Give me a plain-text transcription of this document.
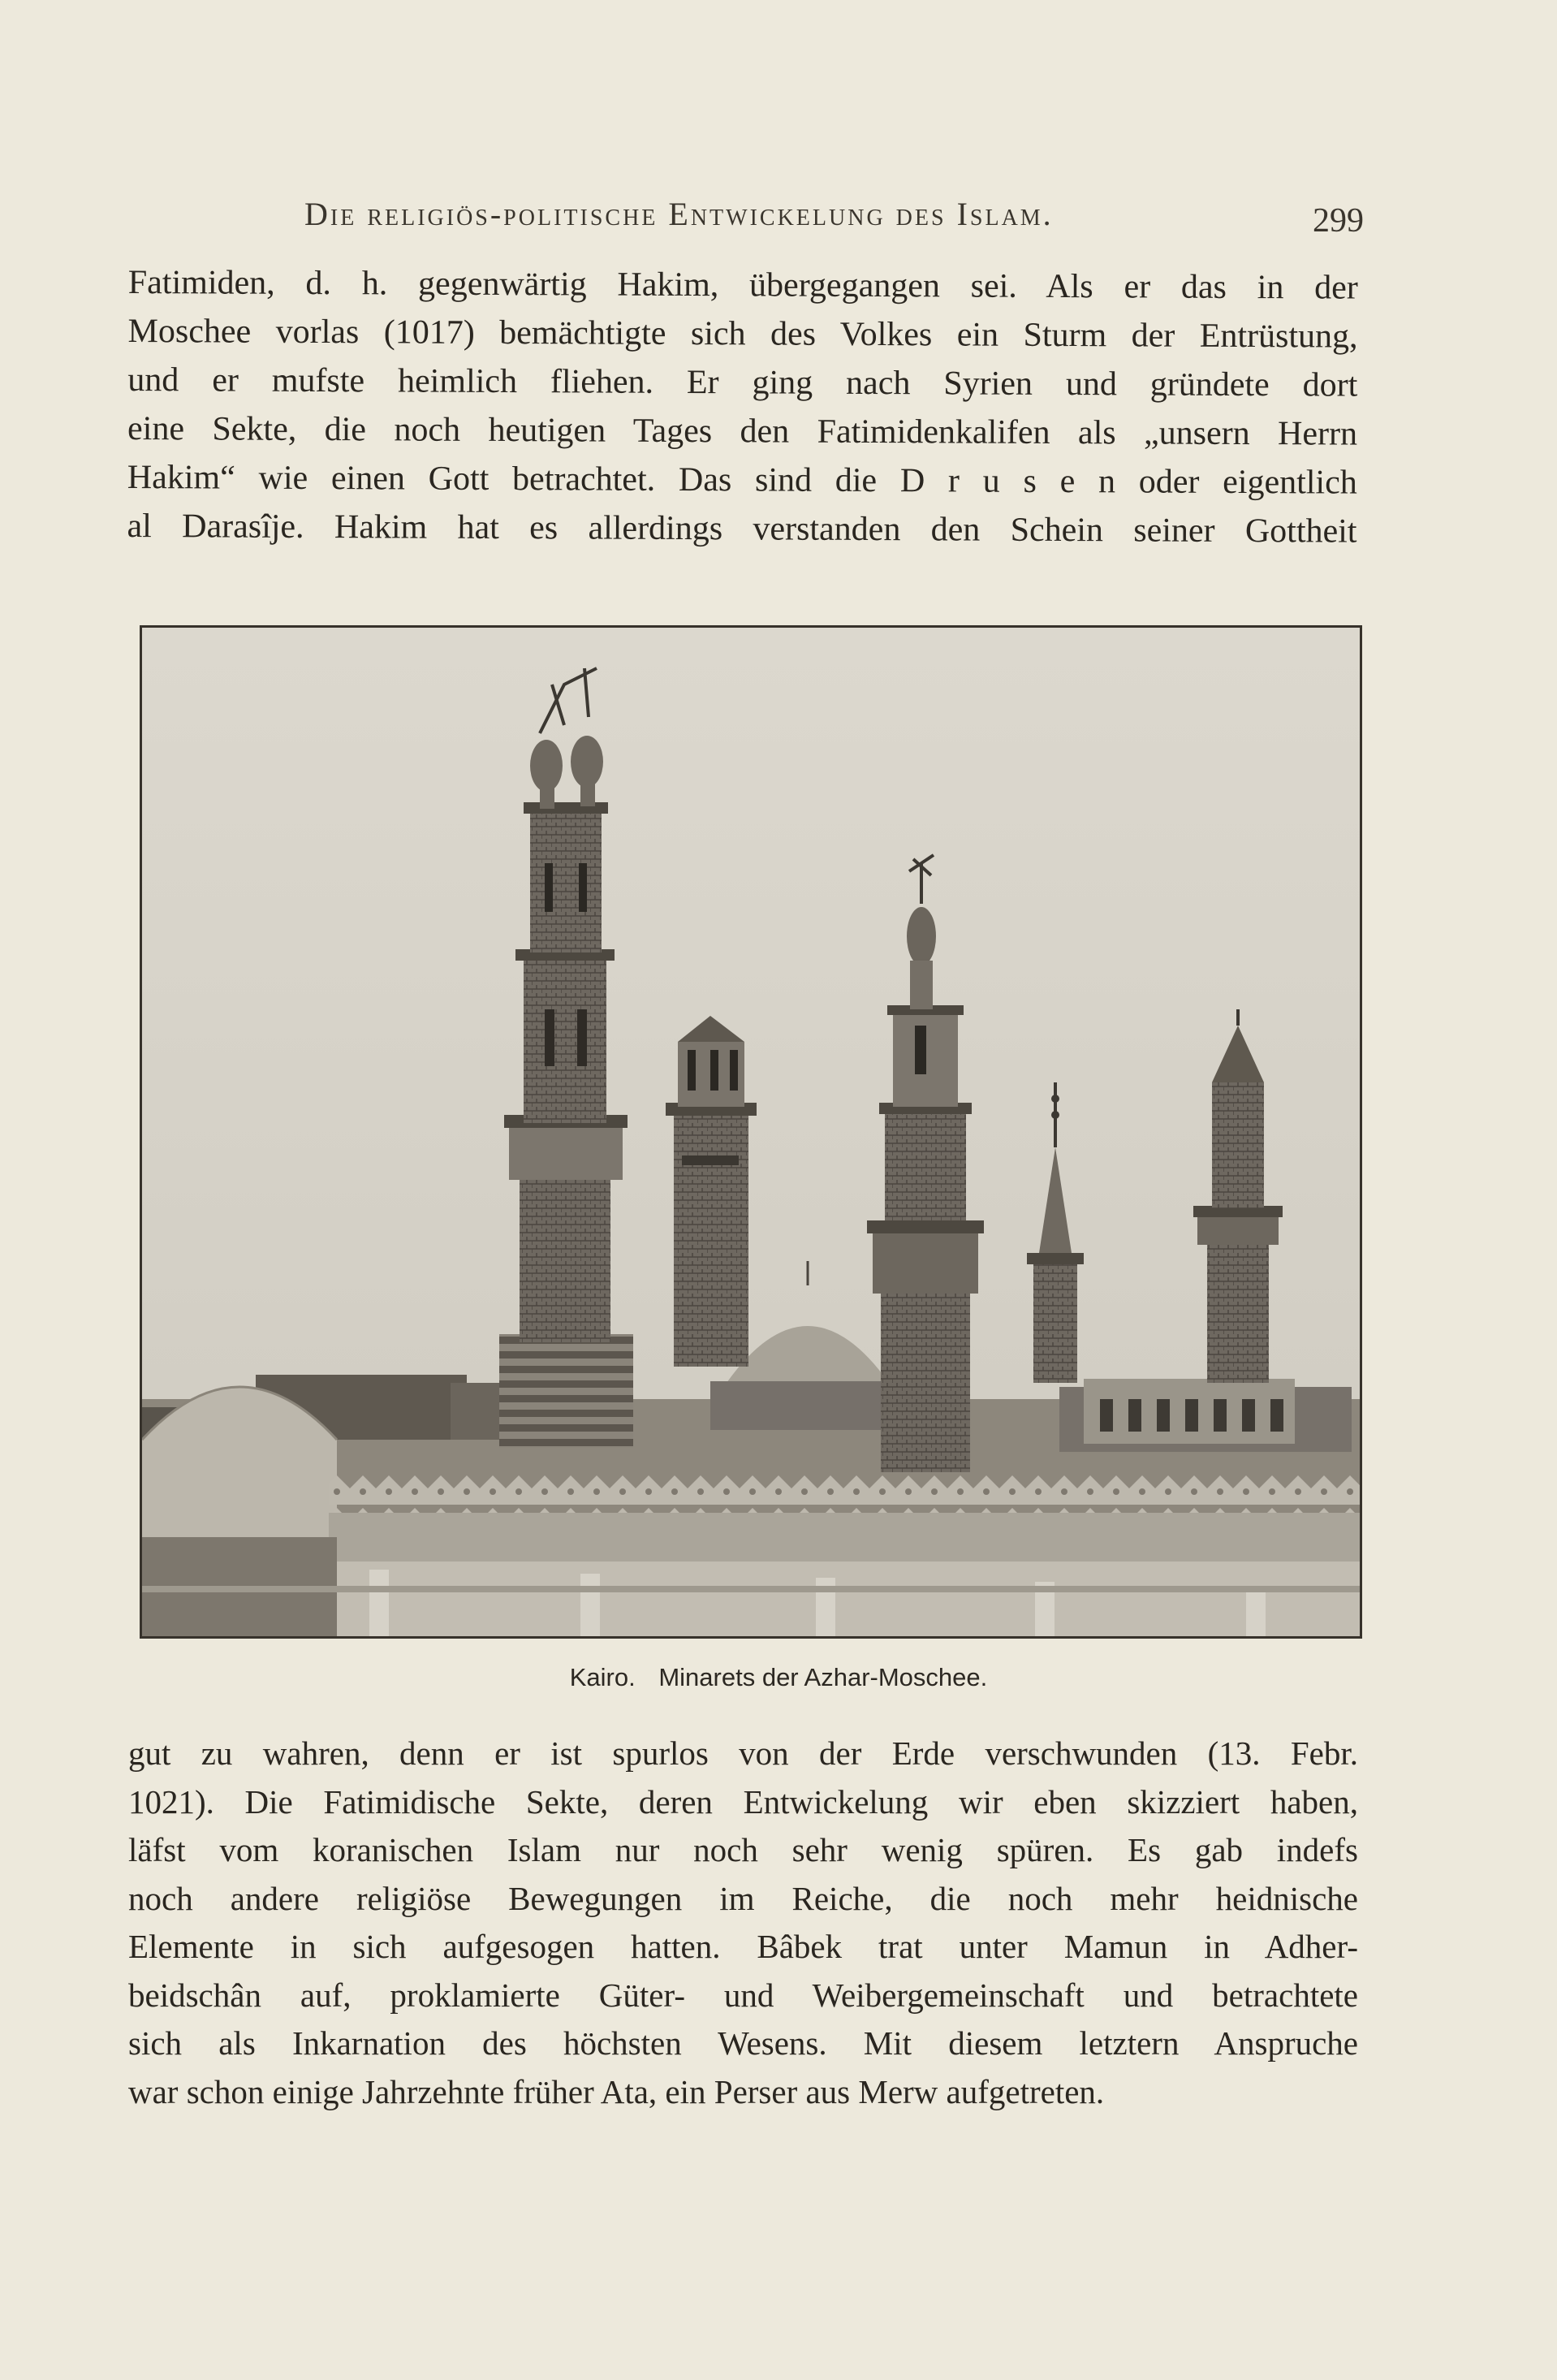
Die religiös-politische Entwickelung des Islam.	299
Fatimiden, d. h. gegenwärtig Hakim, übergegangen sei. Als er das in der
Moschee vorlas (1017) bemächtigte sich des Volkes ein Sturm der Entrüstung,
und er mufste heimlich fliehen. Er ging nach Syrien und gründete dort
eine Sekte, die noch heutigen Tages den Fatimidenkalifen als „unsern Herrn
Hakim“ wie einen Gott betrachtet. Das sind die D r u s e n oder eigentlich
al Darasîje. Hakim hat es allerdings verstanden den Schein seiner Gottheit
Kairo. Minarets der Azhar-Moschee.
gut zu wahren, denn er ist spurlos von der Erde verschwunden (13. Febr.
1021). Die Fatimidische Sekte, deren Entwickelung wir eben skizziert haben,
läfst vom koranischen Islam nur noch sehr wenig spüren. Es gab indefs
noch andere religiöse Bewegungen im Reiche, die noch mehr heidnische
Elemente in sich aufgesogen hatten. Bâbek trat unter Mamun in Adher-
beidschân auf, proklamierte Güter- und Weibergemeinschaft und betrachtete
sich als Inkarnation des höchsten Wesens. Mit diesem letztern Anspruche
war schon einige Jahrzehnte früher Ata, ein Perser aus Merw aufgetreten.
